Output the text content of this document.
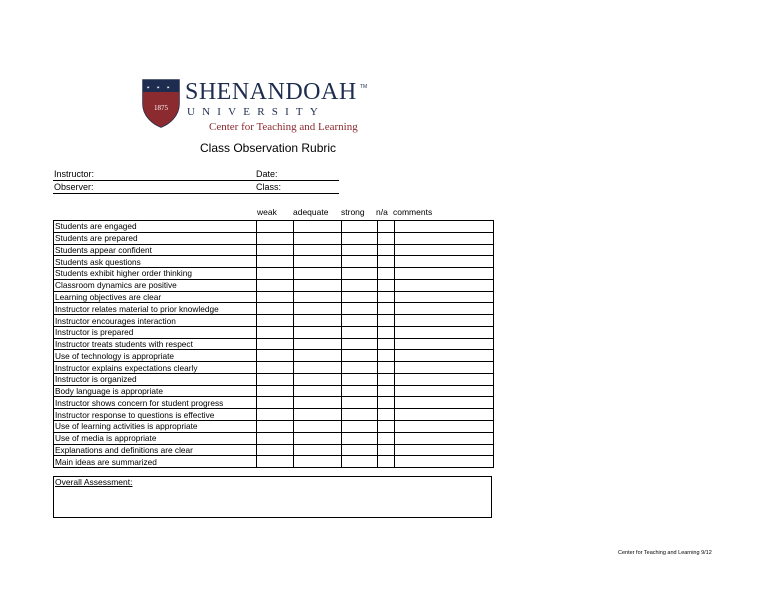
1875
SHENANDOAH TM
UNIVERSITY
Center for Teaching and Learning
Class Observation Rubric
Instructor:	Date:
Observer:	Class:
weak adequate strong n/a comments
Students are engaged					
Students are prepared					
Students appear confident					
Students ask questions					
Students exhibit higher order thinking					
Classroom dynamics are positive					
Learning objectives are clear					
Instructor relates material to prior knowledge					
Instructor encourages interaction					
Instructor is prepared					
Instructor treats students with respect					
Use of technology is appropriate					
Instructor explains expectations clearly					
Instructor is organized					
Body language is appropriate					
Instructor shows concern for student progress					
Instructor response to questions is effective					
Use of learning activities is appropriate					
Use of media is appropriate					
Explanations and definitions are clear					
Main ideas are summarized					
Overall Assessment:
Center for Teaching and Learning 9/12
